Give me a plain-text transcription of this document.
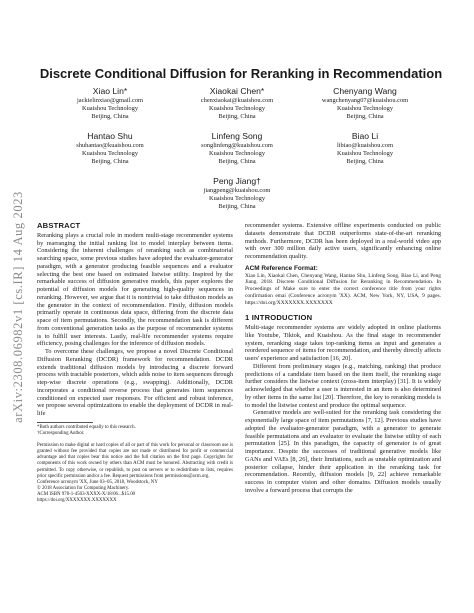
arXiv:2308.06982v1 [cs.IR] 14 Aug 2023
Discrete Conditional Diffusion for Reranking in Recommendation
Xiao Lin*
jackielinxiao@gmail.com
Kuaishou Technology
Beijing, China
Xiaokai Chen*
chenxiaokai@kuaishou.com
Kuaishou Technology
Beijing, China
Chenyang Wang
wangchenyang07@kuaishou.com
Kuaishou Technology
Beijing, China
Hantao Shu
shuhantao@kuaishou.com
Kuaishou Technology
Beijing, China
Linfeng Song
songlinfeng@kuaishou.com
Kuaishou Technology
Beijing, China
Biao Li
libiao@kuaishou.com
Kuaishou Technology
Beijing, China
Peng Jiang†
jiangpeng@kuaishou.com
Kuaishou Technology
Beijing, China
ABSTRACT

Reranking plays a crucial role in modern multi-stage recommender systems by rearranging the initial ranking list to model interplay between items. Considering the inherent challenges of reranking such as combinatorial searching space, some previous studies have adopted the evaluator-generator paradigm, with a generator producing feasible sequences and a evaluator selecting the best one based on estimated listwise utility. Inspired by the remarkable success of diffusion generative models, this paper explores the potential of diffusion models for generating high-quality sequences in reranking. However, we argue that it is nontrivial to take diffusion models as the generator in the context of recommendation. Firstly, diffusion models primarily operate in continuous data space, differing from the discrete data space of item permutations. Secondly, the recommendation task is different from conventional generation tasks as the purpose of recommender systems is to fulfill user interests. Lastly, real-life recommender systems require efficiency, posing challenges for the inference of diffusion models.

To overcome these challenges, we propose a novel Discrete Conditional Diffusion Reranking (DCDR) framework for recommendation. DCDR extends traditional diffusion models by introducing a discrete forward process with tractable posteriors, which adds noise to item sequences through step-wise discrete operations (e.g., swapping). Additionally, DCDR incorporates a conditional reverse process that generates item sequences conditioned on expected user responses. For efficient and robust inference, we propose several optimizations to enable the deployment of DCDR in real-life

*Both authors contributed equally to this research.
†Corresponding Author.
Permission to make digital or hard copies of all or part of this work for personal or classroom use is granted without fee provided that copies are not made or distributed for profit or commercial advantage and that copies bear this notice and the full citation on the first page. Copyrights for components of this work owned by others than ACM must be honored. Abstracting with credit is permitted. To copy otherwise, or republish, to post on servers or to redistribute to lists, requires prior specific permission and/or a fee. Request permissions from permissions@acm.org.
Conference acronym 'XX, June 03–05, 2018, Woodstock, NY
© 2018 Association for Computing Machinery.
ACM ISBN 978-1-4503-XXXX-X/18/06...$15.00
https://doi.org/XXXXXXX.XXXXXXX

recommender systems. Extensive offline experiments conducted on public datasets demonstrate that DCDR outperforms state-of-the-art reranking methods. Furthermore, DCDR has been deployed in a real-world video app with over 300 million daily active users, significantly enhancing online recommendation quality.

ACM Reference Format:

Xiao Lin, Xiaokai Chen, Chenyang Wang, Hantao Shu, Linfeng Song, Biao Li, and Peng Jiang. 2018. Discrete Conditional Diffusion for Reranking in Recommendation. In Proceedings of Make sure to enter the correct conference title from your rights confirmation emai (Conference acronym 'XX). ACM, New York, NY, USA, 9 pages. https://doi.org/XXXXXXX.XXXXXXX

1 INTRODUCTION

Multi-stage recommender systems are widely adopted in online platforms like Youtube, Tiktok, and Kuaishou. As the final stage in recommender system, reranking stage takes top-ranking items as input and generates a reordered sequence of items for recommendation, and thereby directly affects users' experience and satisfaction [16, 20].

Different from preliminary stages (e.g., matching, ranking) that produce predictions of a candidate item based on the item itself, the reranking stage further considers the listwise context (cross-item interplay) [31]. It is widely acknowledged that whether a user is interested in an item is also determined by other items in the same list [20]. Therefore, the key to reranking models is to model the listwise context and produce the optimal sequence.

Generative models are well-suited for the reranking task considering the exponentially large space of item permutations [7, 12]. Previous studies have adopted the evaluator-generator paradigm, with a generator to generate feasible permutations and an evaluator to evaluate the listwise utility of each permutation [25]. In this paradigm, the capacity of generator is of great importance. Despite the successes of traditional generative models like GANs and VAEs [8, 26], their limitations, such as unstable optimization and posterior collapse, hinder their application in the reranking task for recommendation. Recently, diffusion models [9, 22] achieve remarkable success in computer vision and other domains. Diffusion models usually involve a forward process that corrupts the
